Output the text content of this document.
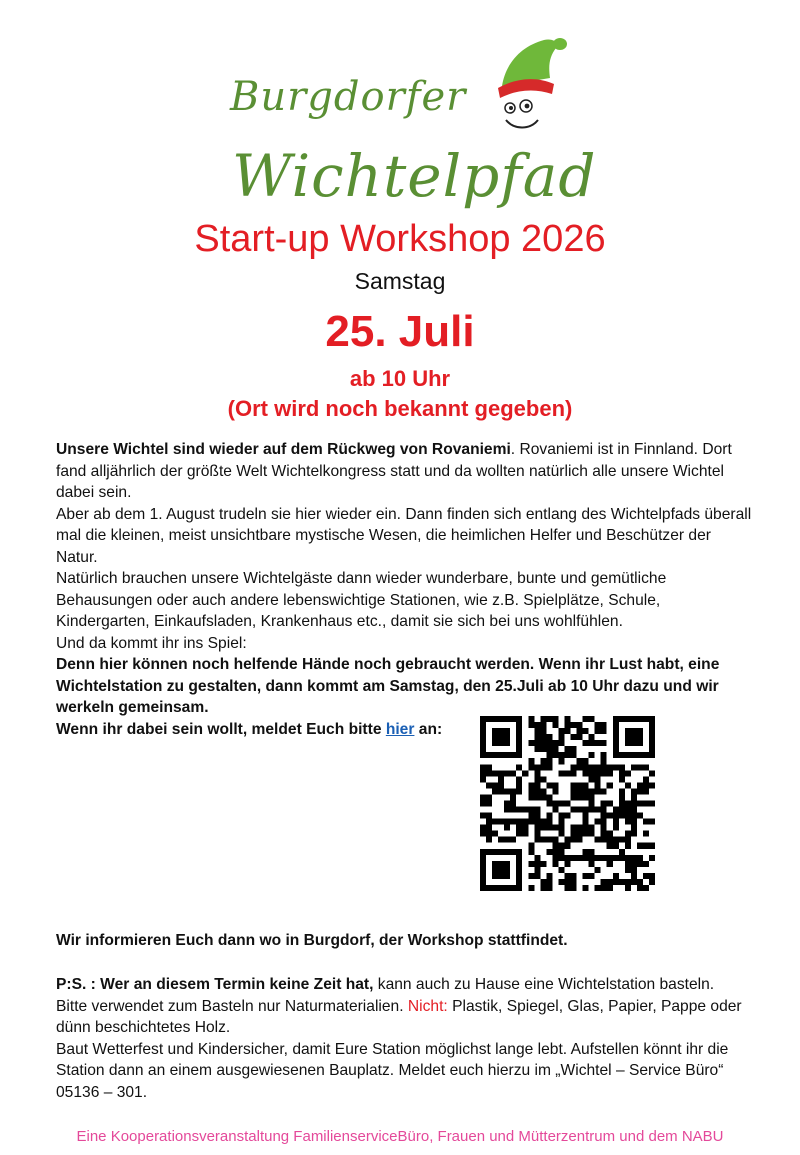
Burgdorfer
Wichtelpfad
Start-up Workshop 2026
Samstag
25. Juli
ab 10 Uhr
(Ort wird noch bekannt gegeben)

Unsere Wichtel sind wieder auf dem Rückweg von Rovaniemi. Rovaniemi ist in Finnland. Dort fand alljährlich der größte Welt Wichtelkongress statt und da wollten natürlich alle unsere Wichtel dabei sein.

Aber ab dem 1. August trudeln sie hier wieder ein. Dann finden sich entlang des Wichtelpfads überall mal die kleinen, meist unsichtbare mystische Wesen, die heimlichen Helfer und Beschützer der Natur.

Natürlich brauchen unsere Wichtelgäste dann wieder wunderbare, bunte und gemütliche Behausungen oder auch andere lebenswichtige Stationen, wie z.B. Spielplätze, Schule, Kindergarten, Einkaufsladen, Krankenhaus etc., damit sie sich bei uns wohlfühlen.

Und da kommt ihr ins Spiel:

Denn hier können noch helfende Hände noch gebraucht werden. Wenn ihr Lust habt, eine Wichtelstation zu gestalten, dann kommt am Samstag, den 25.Juli ab 10 Uhr dazu und wir werkeln gemeinsam.

Wenn ihr dabei sein wollt, meldet Euch bitte hier an:

Wir informieren Euch dann wo in Burgdorf, der Workshop stattfindet.

P:S. : Wer an diesem Termin keine Zeit hat, kann auch zu Hause eine Wichtelstation basteln.

Bitte verwendet zum Basteln nur Naturmaterialien. Nicht: Plastik, Spiegel, Glas, Papier, Pappe oder dünn beschichtetes Holz.

Baut Wetterfest und Kindersicher, damit Eure Station möglichst lange lebt. Aufstellen könnt ihr die Station dann an einem ausgewiesenen Bauplatz. Meldet euch hierzu im „Wichtel – Service Büro“ 05136 – 301.

Eine Kooperationsveranstaltung FamilienserviceBüro, Frauen und Mütterzentrum und dem NABU
